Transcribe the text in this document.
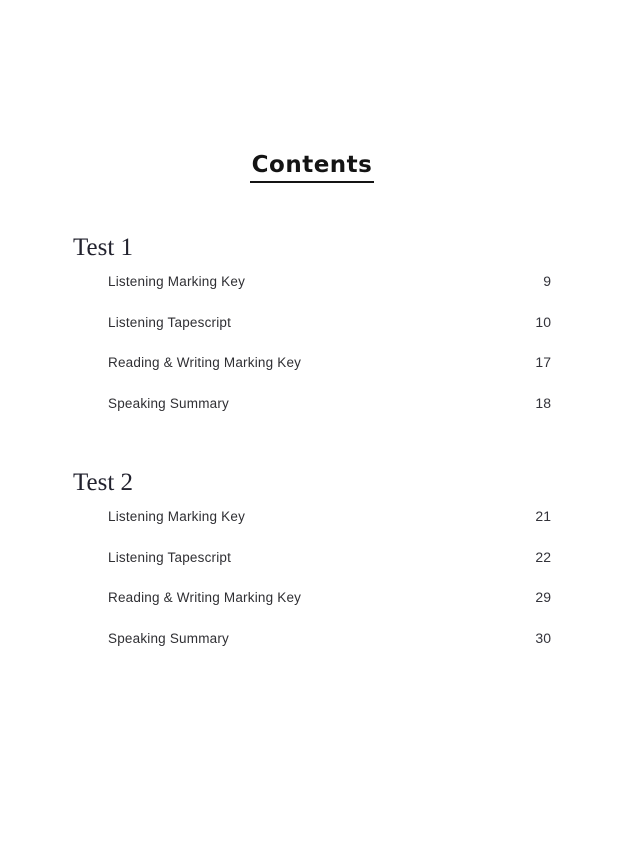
Contents
Test 1
Listening Marking Key	9
Listening Tapescript	10
Reading & Writing Marking Key	17
Speaking Summary	18
Test 2
Listening Marking Key	21
Listening Tapescript	22
Reading & Writing Marking Key	29
Speaking Summary	30
